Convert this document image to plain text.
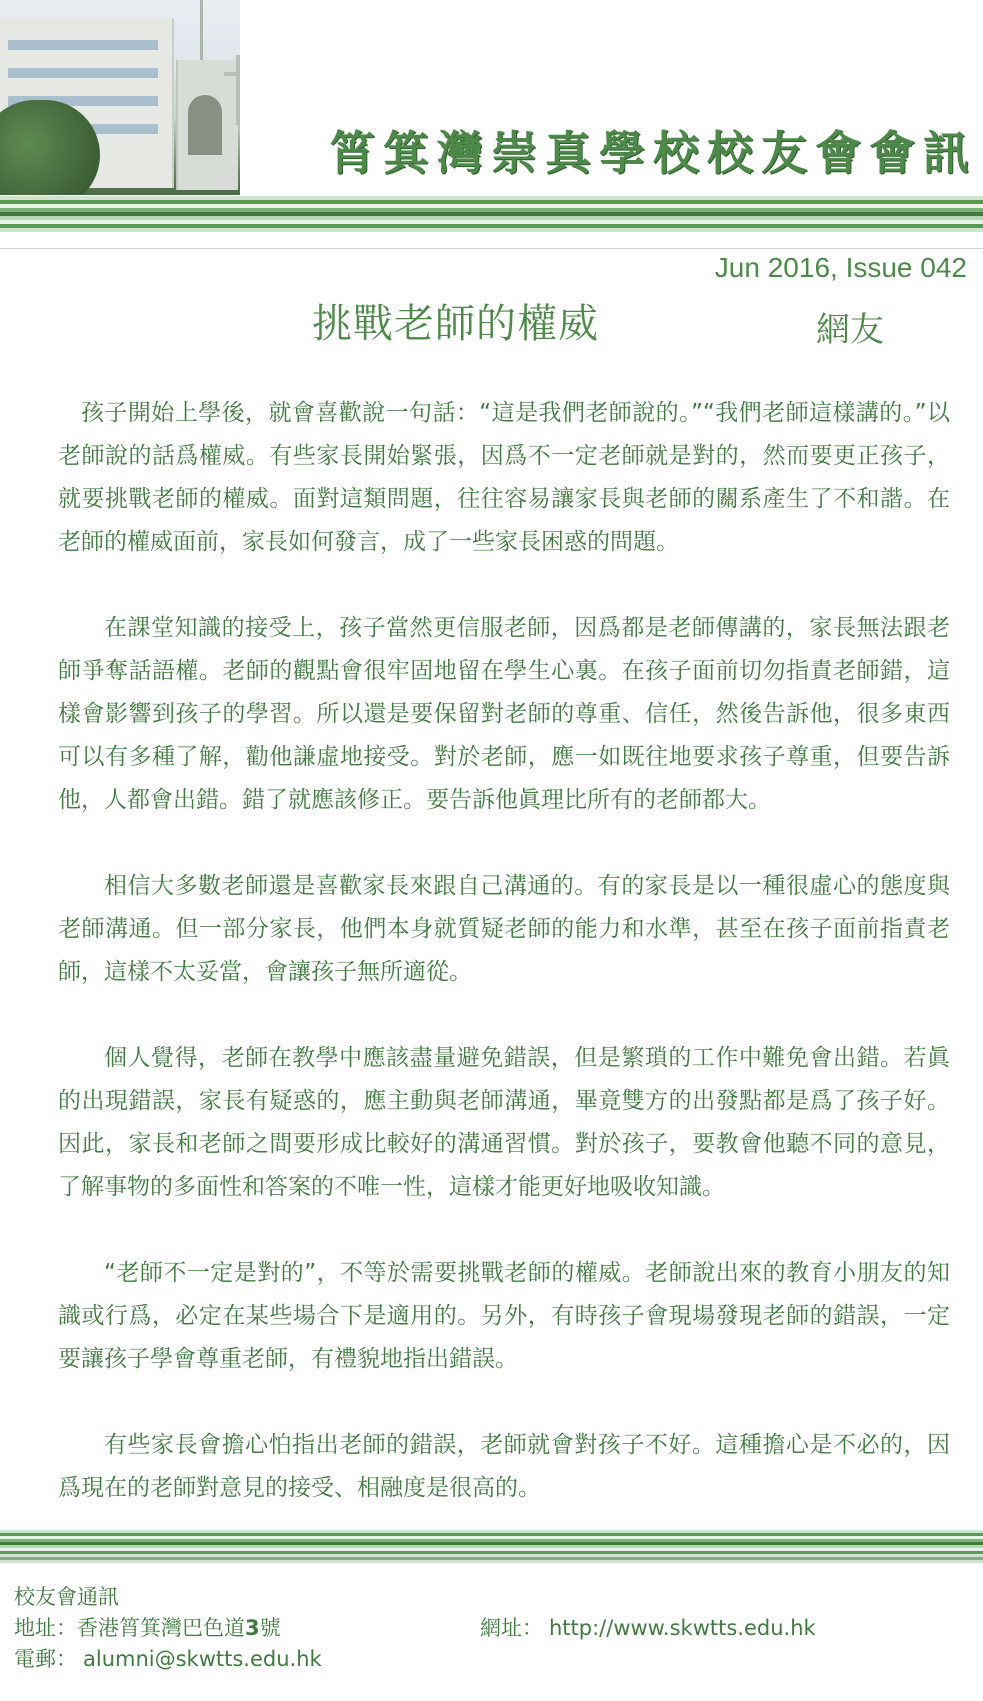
筲箕灣崇真學校校友會會訊
Jun 2016, Issue 042
挑戰老師的權威	網友

孩子開始上學後，就會喜歡說一句話：“這是我們老師說的。”“我們老師這樣講的。”以老師說的話爲權威。有些家長開始緊張，因爲不一定老師就是對的，然而要更正孩子，就要挑戰老師的權威。面對這類問題，往往容易讓家長與老師的關系產生了不和諧。在老師的權威面前，家長如何發言，成了一些家長困惑的問題。

在課堂知識的接受上，孩子當然更信服老師，因爲都是老師傳講的，家長無法跟老師爭奪話語權。老師的觀點會很牢固地留在學生心裏。在孩子面前切勿指責老師錯，這樣會影響到孩子的學習。所以還是要保留對老師的尊重、信任，然後告訴他，很多東西可以有多種了解，勸他謙虛地接受。對於老師，應一如既往地要求孩子尊重，但要告訴他，人都會出錯。錯了就應該修正。要告訴他眞理比所有的老師都大。

相信大多數老師還是喜歡家長來跟自己溝通的。有的家長是以一種很虛心的態度與老師溝通。但一部分家長，他們本身就質疑老師的能力和水準，甚至在孩子面前指責老師，這樣不太妥當，會讓孩子無所適從。

個人覺得，老師在教學中應該盡量避免錯誤，但是繁瑣的工作中難免會出錯。若眞的出現錯誤，家長有疑惑的，應主動與老師溝通，畢竟雙方的出發點都是爲了孩子好。因此，家長和老師之間要形成比較好的溝通習慣。對於孩子，要教會他聽不同的意見，了解事物的多面性和答案的不唯一性，這樣才能更好地吸收知識。

“老師不一定是對的”，不等於需要挑戰老師的權威。老師說出來的教育小朋友的知識或行爲，必定在某些場合下是適用的。另外，有時孩子會現場發現老師的錯誤，一定要讓孩子學會尊重老師，有禮貌地指出錯誤。

有些家長會擔心怕指出老師的錯誤，老師就會對孩子不好。這種擔心是不必的，因爲現在的老師對意見的接受、相融度是很高的。

校友會通訊
地址：香港筲箕灣巴色道3號
電郵： alumni@skwtts.edu.hk
網址： http://www.skwtts.edu.hk
